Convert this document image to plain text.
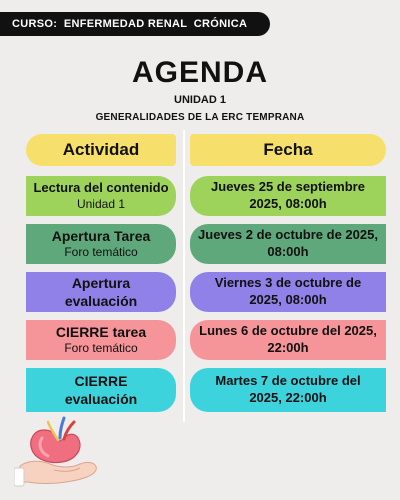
CURSO:  ENFERMEDAD RENAL  CRÓNICA
AGENDA
UNIDAD 1
GENERALIDADES DE LA ERC TEMPRANA
Actividad	Fecha
Lectura del contenido
Unidad 1
Jueves 25 de septiembre 2025, 08:00h
Apertura Tarea
Foro temático
Jueves 2 de octubre de 2025, 08:00h
Apertura evaluación
Viernes 3 de octubre de 2025, 08:00h
CIERRE tarea
Foro temático
Lunes 6 de octubre del 2025, 22:00h
CIERRE evaluación
Martes 7 de octubre del 2025, 22:00h
